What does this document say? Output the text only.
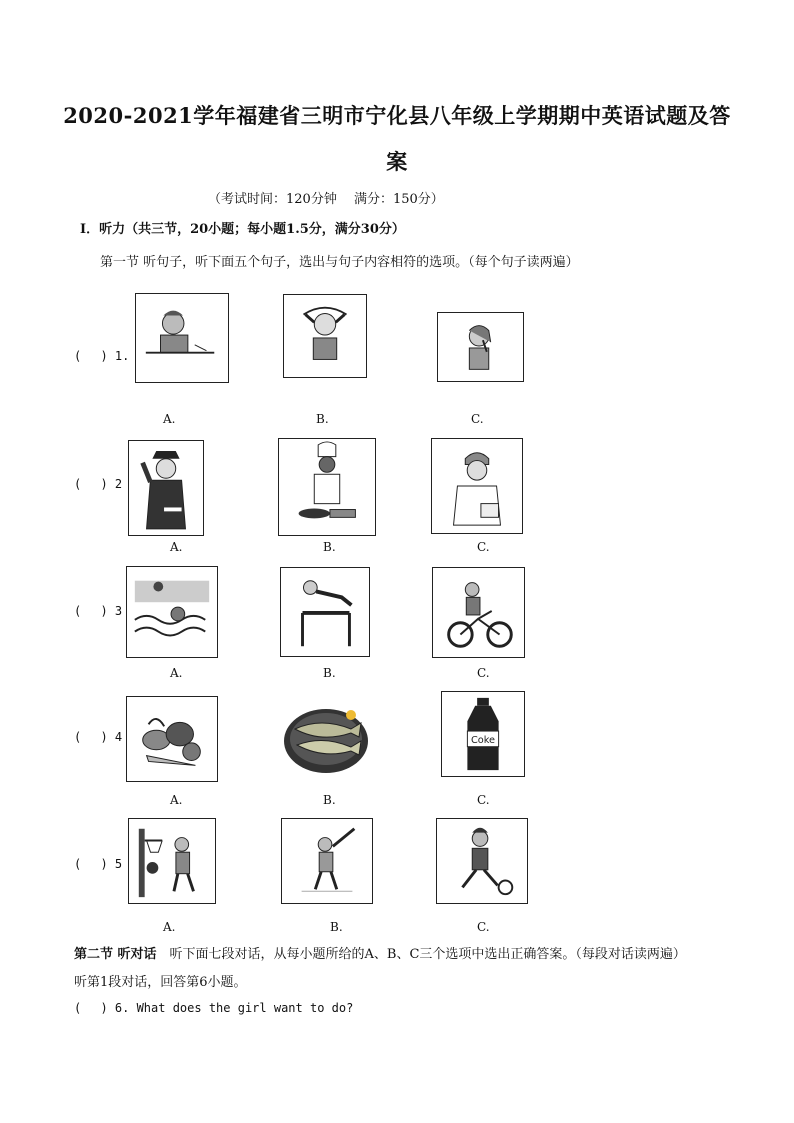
2020-2021学年福建省三明市宁化县八年级上学期期中英语试题及答
案
（考试时间：120分钟　 满分：150分）
I．听力（共三节，20小题；每小题1.5分，满分30分）
第一节 听句子，听下面五个句子，选出与句子内容相符的选项。（每个句子读两遍）
(　 ) 1.
A.	B.	C.
(　 ) 2
A.	B.	C.
(　 ) 3
A.	B.	C.
(　 ) 4
A.	B.
Coke
C.
(　 ) 5
A.	B.	C.
第二节 听对话　听下面七段对话，从每小题所给的A、B、C三个选项中选出正确答案。（每段对话读两遍）
听第1段对话，回答第6小题。
(　 ) 6. What does the girl want to do?
